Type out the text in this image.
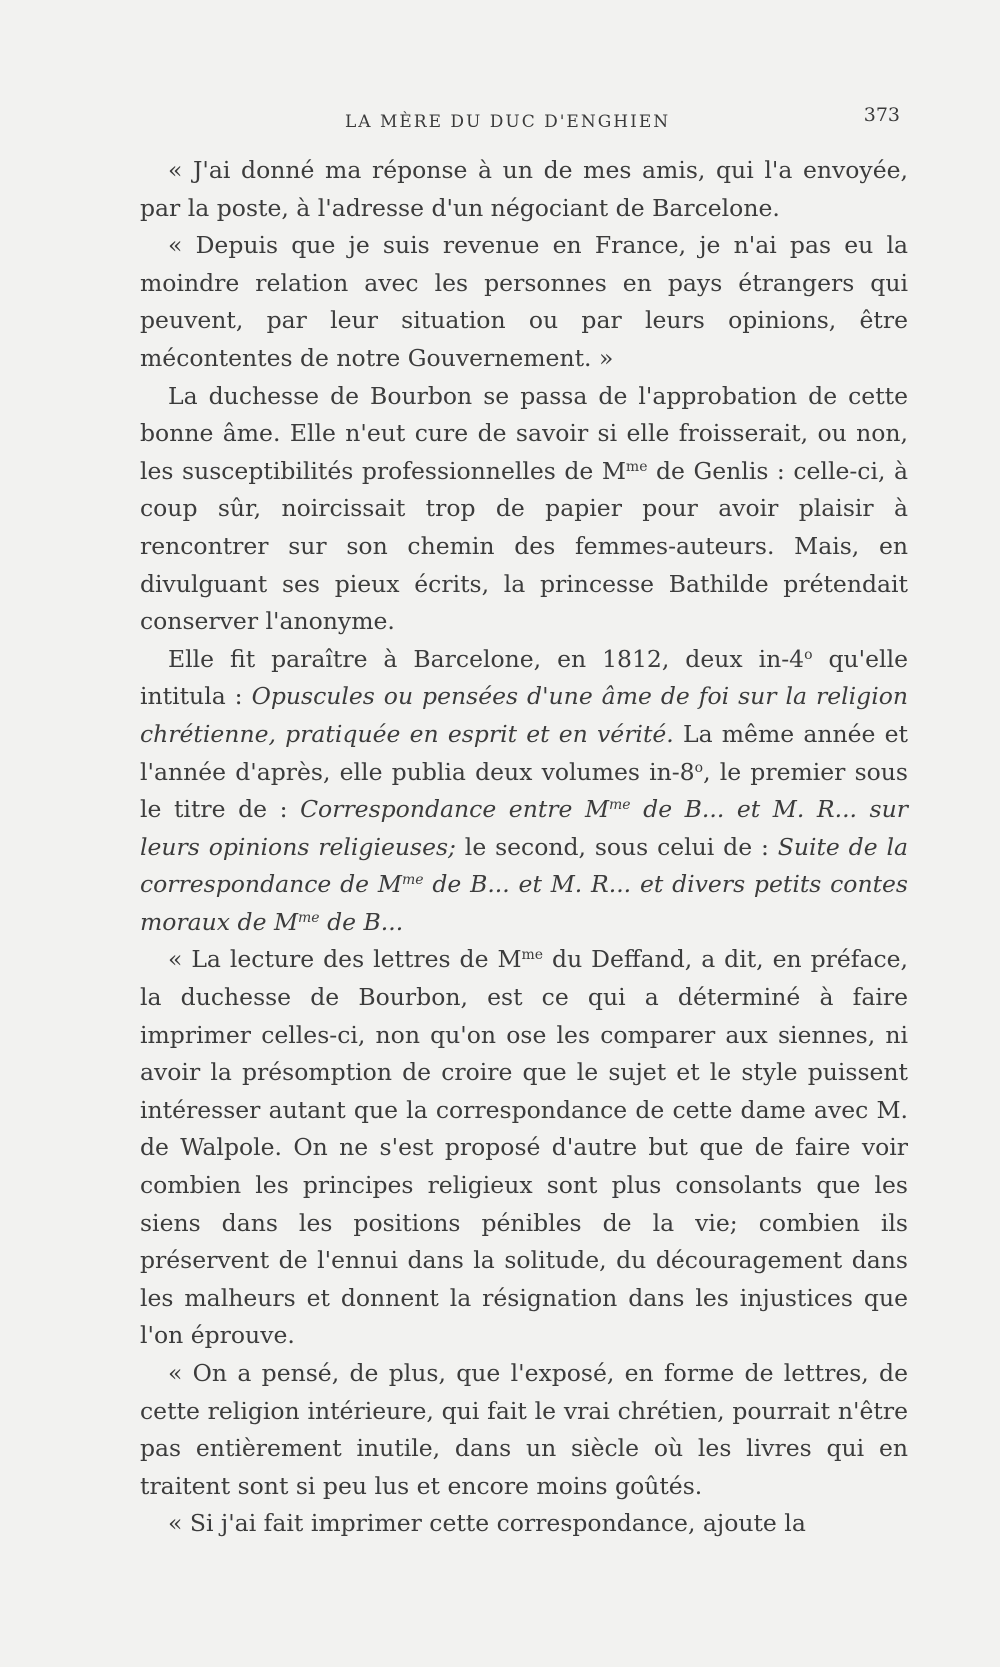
LA MÈRE DU DUC D'ENGHIEN	373

« J'ai donné ma réponse à un de mes amis, qui l'a envoyée, par la poste, à l'adresse d'un négociant de Barcelone.

« Depuis que je suis revenue en France, je n'ai pas eu la moindre relation avec les personnes en pays étrangers qui peuvent, par leur situation ou par leurs opinions, être mécontentes de notre Gouvernement. »

La duchesse de Bourbon se passa de l'approbation de cette bonne âme. Elle n'eut cure de savoir si elle froisserait, ou non, les susceptibilités professionnelles de $M^{me}$ de Genlis : celle-ci, à coup sûr, noircissait trop de papier pour avoir plaisir à rencontrer sur son chemin des femmes-auteurs. Mais, en divulguant ses pieux écrits, la princesse Bathilde prétendait conserver l'anonyme.

Elle fit paraître à Barcelone, en 1812, deux in-4$^o$ qu'elle intitula : Opuscules ou pensées d'une âme de foi sur la religion chrétienne, pratiquée en esprit et en vérité. La même année et l'année d'après, elle publia deux volumes in-8$^o$, le premier sous le titre de : Correspondance entre $M^{me}$ de B... et M. R... sur leurs opinions religieuses; le second, sous celui de : Suite de la correspondance de $M^{me}$ de B... et M. R... et divers petits contes moraux de $M^{me}$ de B...

« La lecture des lettres de $M^{me}$ du Deffand, a dit, en préface, la duchesse de Bourbon, est ce qui a déterminé à faire imprimer celles-ci, non qu'on ose les comparer aux siennes, ni avoir la présomption de croire que le sujet et le style puissent intéresser autant que la correspondance de cette dame avec M. de Walpole. On ne s'est proposé d'autre but que de faire voir combien les principes religieux sont plus consolants que les siens dans les positions pénibles de la vie; combien ils préservent de l'ennui dans la solitude, du découragement dans les malheurs et donnent la résignation dans les injustices que l'on éprouve.

« On a pensé, de plus, que l'exposé, en forme de lettres, de cette religion intérieure, qui fait le vrai chrétien, pourrait n'être pas entièrement inutile, dans un siècle où les livres qui en traitent sont si peu lus et encore moins goûtés.

« Si j'ai fait imprimer cette correspondance, ajoute la
